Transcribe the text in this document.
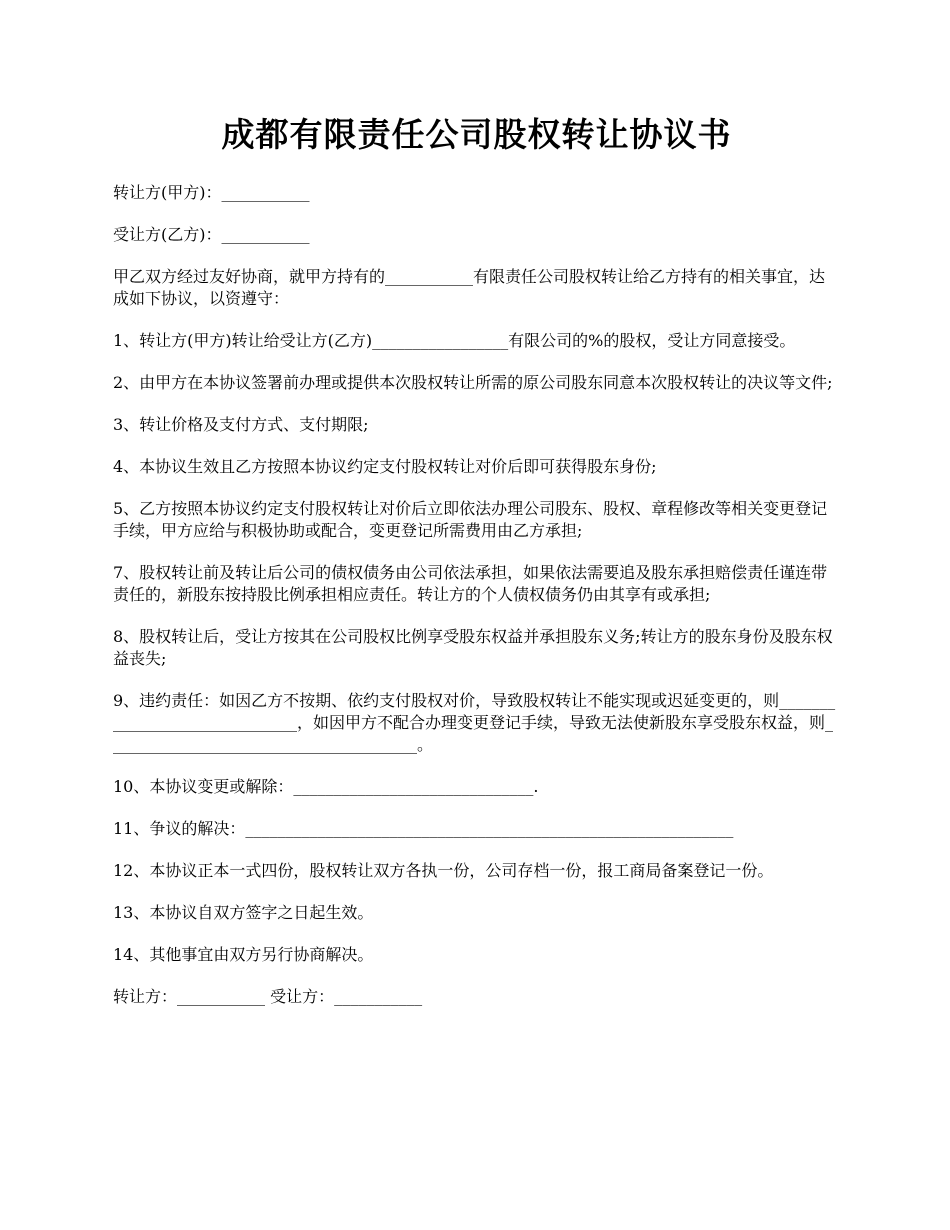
成都有限责任公司股权转让协议书

转让方(甲方)：___________

受让方(乙方)：___________

甲乙双方经过友好协商，就甲方持有的___________有限责任公司股权转让给乙方持有的相关事宜，达成如下协议，以资遵守：

1、转让方(甲方)转让给受让方(乙方)_________________有限公司的%的股权，受让方同意接受。

2、由甲方在本协议签署前办理或提供本次股权转让所需的原公司股东同意本次股权转让的决议等文件;

3、转让价格及支付方式、支付期限;

4、本协议生效且乙方按照本协议约定支付股权转让对价后即可获得股东身份;

5、乙方按照本协议约定支付股权转让对价后立即依法办理公司股东、股权、章程修改等相关变更登记手续，甲方应给与积极协助或配合，变更登记所需费用由乙方承担;

7、股权转让前及转让后公司的债权债务由公司依法承担，如果依法需要追及股东承担赔偿责任谨连带责任的，新股东按持股比例承担相应责任。转让方的个人债权债务仍由其享有或承担;

8、股权转让后，受让方按其在公司股权比例享受股东权益并承担股东义务;转让方的股东身份及股东权益丧失;

9、违约责任：如因乙方不按期、依约支付股权对价，导致股权转让不能实现或迟延变更的，则______________________________，如因甲方不配合办理变更登记手续，导致无法使新股东享受股东权益，则_______________________________________。

10、本协议变更或解除：______________________________.

11、争议的解决：_____________________________________________________________

12、本协议正本一式四份，股权转让双方各执一份，公司存档一份，报工商局备案登记一份。

13、本协议自双方签字之日起生效。

14、其他事宜由双方另行协商解决。

转让方：___________ 受让方：___________
